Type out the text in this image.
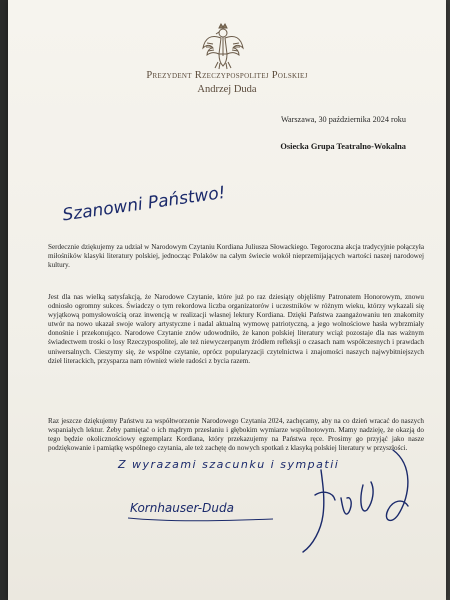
Prezydent Rzeczypospolitej Polskiej
Andrzej Duda
Warszawa, 30 października 2024 roku
Osiecka Grupa Teatralno-Wokalna
Szanowni Państwo!
Serdecznie dziękujemy za udział w Narodowym Czytaniu Kordiana Juliusza Słowackiego. Tegoroczna akcja tradycyjnie połączyła miłośników klasyki literatury polskiej, jednocząc Polaków na całym świecie wokół nieprzemijających wartości naszej narodowej kultury.
Jest dla nas wielką satysfakcją, że Narodowe Czytanie, które już po raz dziesiąty objęliśmy Patronatem Honorowym, znowu odniosło ogromny sukces. Świadczy o tym rekordowa liczba organizatorów i uczestników w różnym wieku, którzy wykazali się wyjątkową pomysłowością oraz inwencją w realizacji własnej lektury Kordiana. Dzięki Państwa zaangażowaniu ten znakomity utwór na nowo ukazał swoje walory artystyczne i nadal aktualną wymowę patriotyczną, a jego wolnościowe hasła wybrzmiały donośnie i przekonująco. Narodowe Czytanie znów udowodniło, że kanon polskiej literatury wciąż pozostaje dla nas ważnym świadectwem troski o losy Rzeczypospolitej, ale też niewyczerpanym źródłem refleksji o czasach nam współczesnych i prawdach uniwersalnych. Cieszymy się, że wspólne czytanie, oprócz popularyzacji czytelnictwa i znajomości naszych najwybitniejszych dzieł literackich, przysparza nam również wiele radości z bycia razem.
Raz jeszcze dziękujemy Państwu za współtworzenie Narodowego Czytania 2024, zachęcamy, aby na co dzień wracać do naszych wspaniałych lektur. Żeby pamiętać o ich mądrym przesłaniu i głębokim wymiarze wspólnotowym. Mamy nadzieję, że okazją do tego będzie okolicznościowy egzemplarz Kordiana, który przekazujemy na Państwa ręce. Prosimy go przyjąć jako nasze podziękowanie i pamiątkę wspólnego czytania, ale też zachętę do nowych spotkań z klasyką polskiej literatury w przyszłości.
Z wyrazami szacunku i sympatii
Kornhauser-Duda
